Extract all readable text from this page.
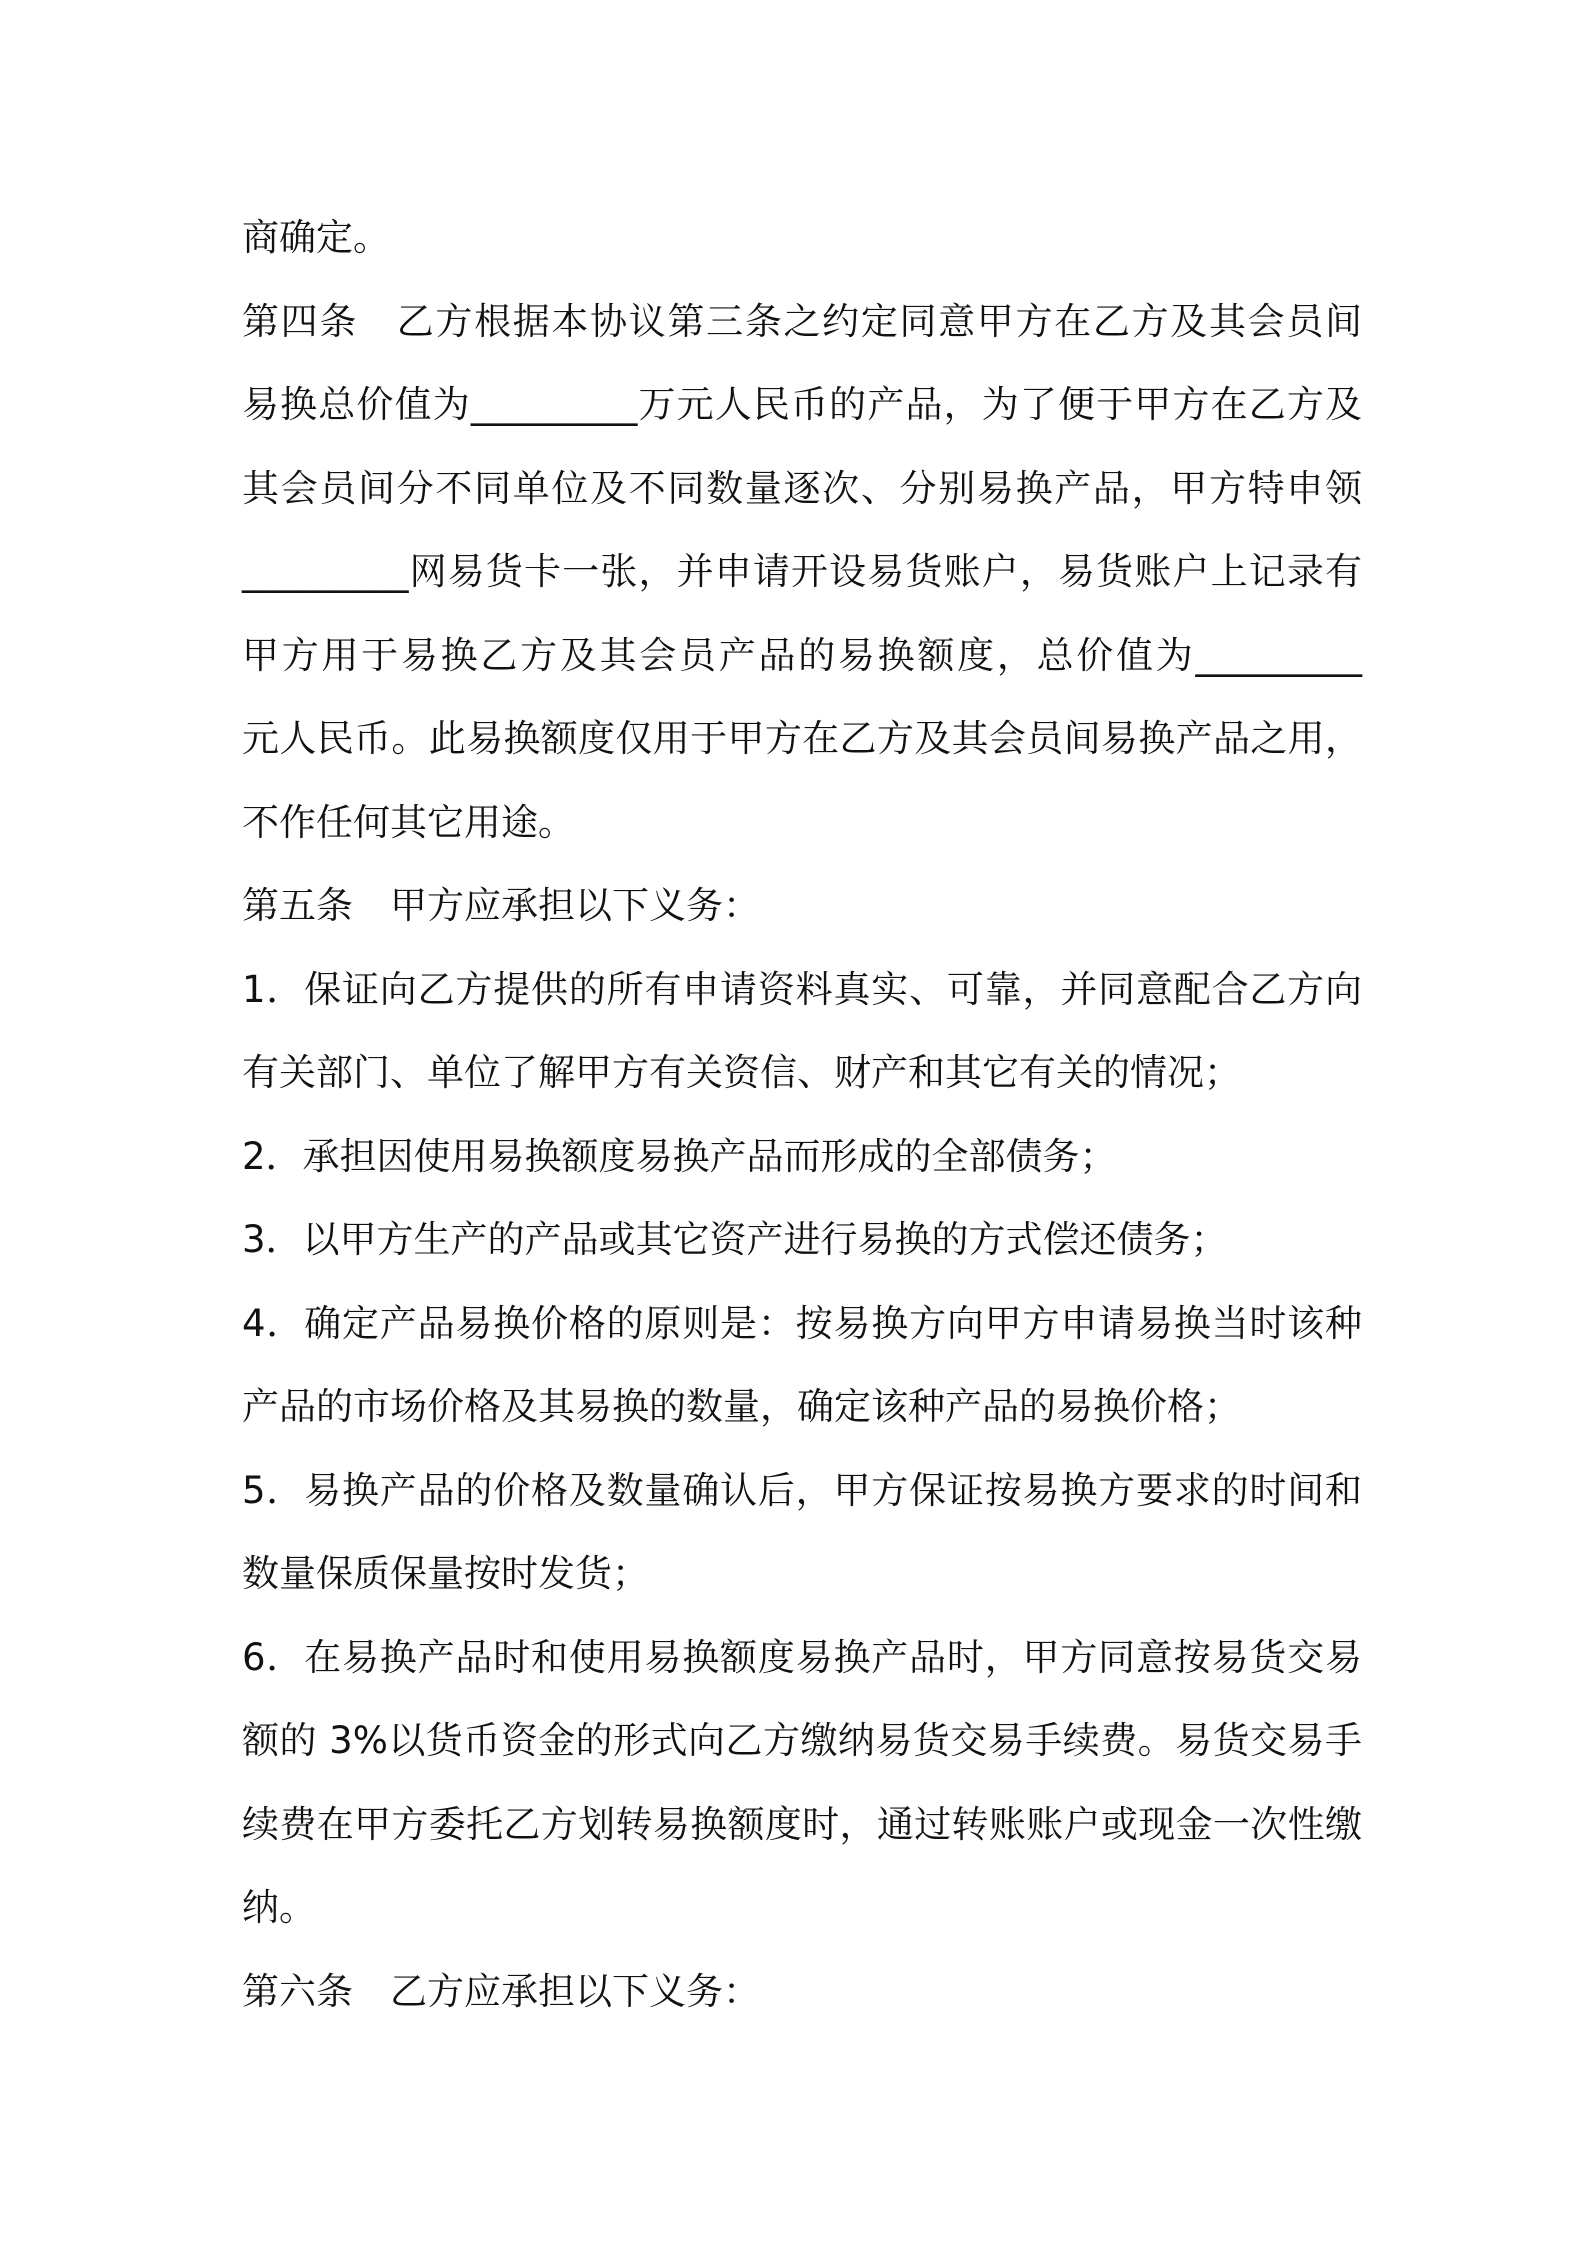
商确定。
第四条　乙方根据本协议第三条之约定同意甲方在乙方及其会员间
易换总价值为_________万元人民币的产品，为了便于甲方在乙方及
其会员间分不同单位及不同数量逐次、分别易换产品，甲方特申领
_________网易货卡一张，并申请开设易货账户，易货账户上记录有
甲方用于易换乙方及其会员产品的易换额度，总价值为_________
元人民币。此易换额度仅用于甲方在乙方及其会员间易换产品之用，
不作任何其它用途。
第五条　甲方应承担以下义务：
1．保证向乙方提供的所有申请资料真实、可靠，并同意配合乙方向
有关部门、单位了解甲方有关资信、财产和其它有关的情况；
2．承担因使用易换额度易换产品而形成的全部债务；
3．以甲方生产的产品或其它资产进行易换的方式偿还债务；
4．确定产品易换价格的原则是：按易换方向甲方申请易换当时该种
产品的市场价格及其易换的数量，确定该种产品的易换价格；
5．易换产品的价格及数量确认后，甲方保证按易换方要求的时间和
数量保质保量按时发货；
6．在易换产品时和使用易换额度易换产品时，甲方同意按易货交易
额的 3%以货币资金的形式向乙方缴纳易货交易手续费。易货交易手
续费在甲方委托乙方划转易换额度时，通过转账账户或现金一次性缴
纳。
第六条　乙方应承担以下义务：
